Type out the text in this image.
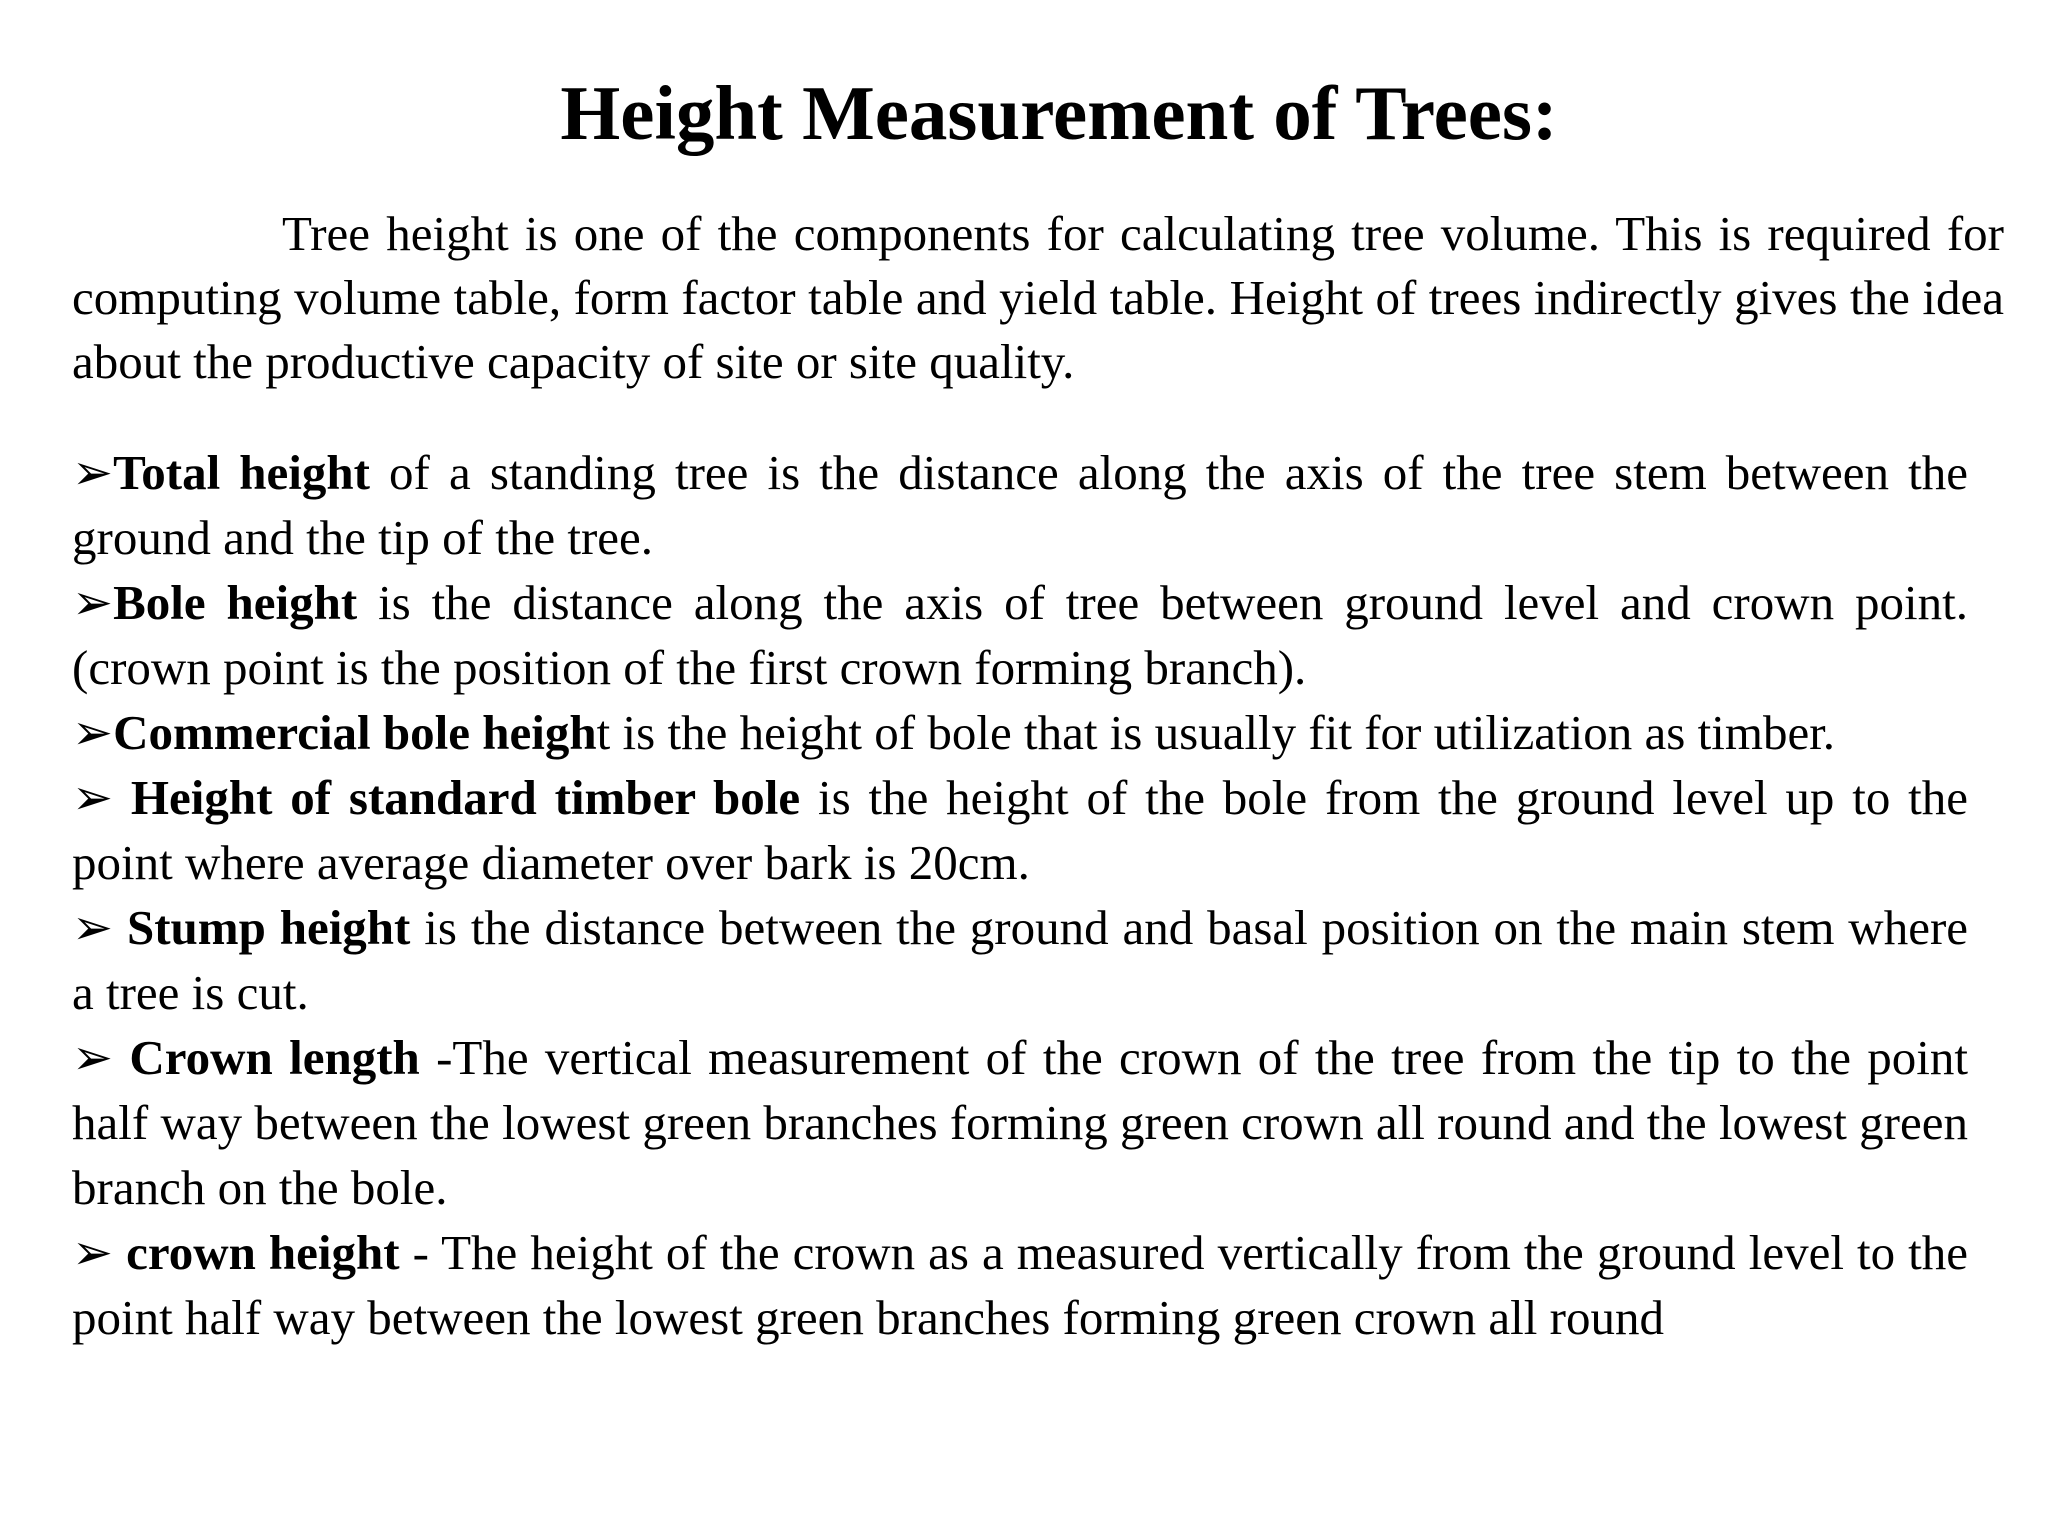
Height Measurement of Trees:

Tree height is one of the components for calculating tree volume. This is required for computing volume table, form factor table and yield table. Height of trees indirectly gives the idea about the productive capacity of site or site quality.

➢Total height of a standing tree is the distance along the axis of the tree stem between the ground and the tip of the tree.
➢Bole height is the distance along the axis of tree between ground level and crown point. (crown point is the position of the first crown forming branch).
➢Commercial bole height is the height of bole that is usually fit for utilization as timber.
➢ Height of standard timber bole is the height of the bole from the ground level up to the point where average diameter over bark is 20cm.
➢ Stump height is the distance between the ground and basal position on the main stem where a tree is cut.
➢ Crown length -The vertical measurement of the crown of the tree from the tip to the point half way between the lowest green branches forming green crown all round and the lowest green branch on the bole.
➢ crown height - The height of the crown as a measured vertically from the ground level to the point half way between the lowest green branches forming green crown all round
